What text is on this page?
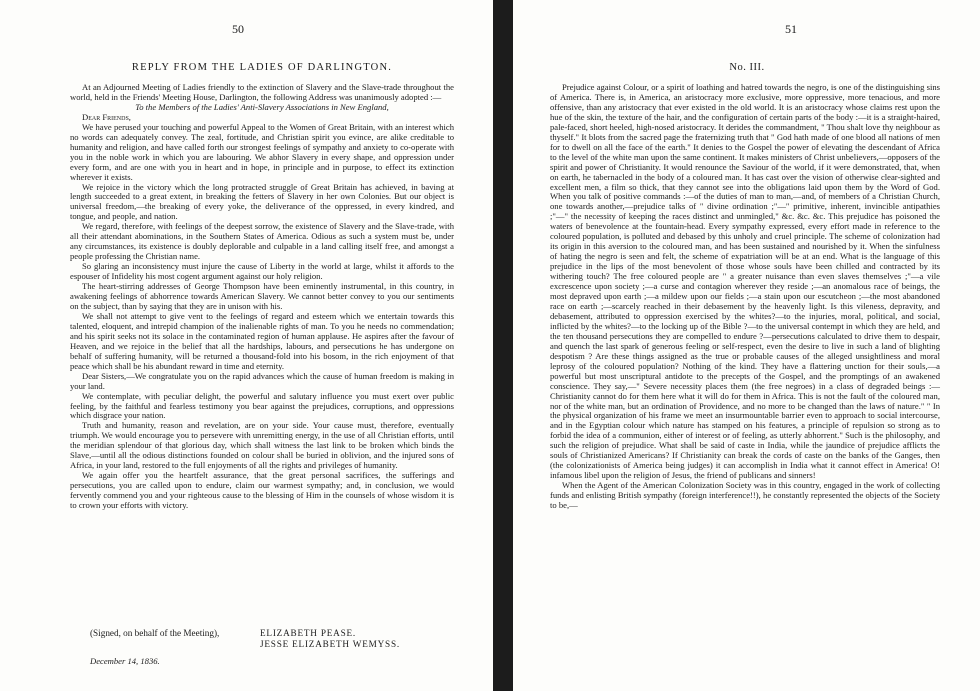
50
REPLY FROM THE LADIES OF DARLINGTON.

At an Adjourned Meeting of Ladies friendly to the extinction of Slavery and the Slave-trade throughout the world, held in the Friends' Meeting House, Darlington, the following Address was unanimously adopted :—

To the Members of the Ladies' Anti-Slavery Associations in New England,

Dear Friends,

We have perused your touching and powerful Appeal to the Women of Great Britain, with an interest which no words can adequately convey. The zeal, fortitude, and Christian spirit you evince, are alike creditable to humanity and religion, and have called forth our strongest feelings of sympathy and anxiety to co-operate with you in the noble work in which you are labouring. We abhor Slavery in every shape, and oppression under every form, and are one with you in heart and in hope, in principle and in purpose, to effect its extinction wherever it exists.

We rejoice in the victory which the long protracted struggle of Great Britain has achieved, in baving at length succeeded to a great extent, in breaking the fetters of Slavery in her own Colonies. But our object is universal freedom,—the breaking of every yoke, the deliverance of the oppressed, in every kindred, and tongue, and people, and nation.

We regard, therefore, with feelings of the deepest sorrow, the existence of Slavery and the Slave-trade, with all their attendant abominations, in the Southern States of America. Odious as such a system must be, under any circumstances, its existence is doubly deplorable and culpable in a land calling itself free, and amongst a people professing the Christian name.

So glaring an inconsistency must injure the cause of Liberty in the world at large, whilst it affords to the espouser of Infidelity his most cogent argument against our holy religion.

The heart-stirring addresses of George Thompson have been eminently instrumental, in this country, in awakening feelings of abhorrence towards American Slavery. We cannot better convey to you our sentiments on the subject, than by saying that they are in unison with his.

We shall not attempt to give vent to the feelings of regard and esteem which we entertain towards this talented, eloquent, and intrepid champion of the inalienable rights of man. To you he needs no commendation; and his spirit seeks not its solace in the contaminated region of human applause. He aspires after the favour of Heaven, and we rejoice in the belief that all the hardships, labours, and persecutions he has undergone on behalf of suffering humanity, will be returned a thousand-fold into his bosom, in the rich enjoyment of that peace which shall be his abundant reward in time and eternity.

Dear Sisters,—We congratulate you on the rapid advances which the cause of human freedom is making in your land.

We contemplate, with peculiar delight, the powerful and salutary influence you must exert over public feeling, by the faithful and fearless testimony you bear against the prejudices, corruptions, and oppressions which disgrace your nation.

Truth and humanity, reason and revelation, are on your side. Your cause must, therefore, eventually triumph. We would encourage you to persevere with unremitting energy, in the use of all Christian efforts, until the meridian splendour of that glorious day, which shall witness the last link to be broken which binds the Slave,—until all the odious distinctions founded on colour shall be buried in oblivion, and the injured sons of Africa, in your land, restored to the full enjoyments of all the rights and privileges of humanity.

We again offer you the heartfelt assurance, that the great personal sacrifices, the sufferings and persecutions, you are called upon to endure, claim our warmest sympathy; and, in conclusion, we would fervently commend you and your righteous cause to the blessing of Him in the counsels of whose wisdom it is to crown your efforts with victory.

(Signed, on behalf of the Meeting),	ELIZABETH PEASE.
JESSE ELIZABETH WEMYSS.
December 14, 1836.
51
No. III.

Prejudice against Colour, or a spirit of loathing and hatred towards the negro, is one of the distinguishing sins of America. There is, in America, an aristocracy more exclusive, more oppressive, more tenacious, and more offensive, than any aristocracy that ever existed in the old world. It is an aristocracy whose claims rest upon the hue of the skin, the texture of the hair, and the configuration of certain parts of the body :—it is a straight-haired, pale-faced, short heeled, high-nosed aristocracy. It derides the commandment, " Thou shalt love thy neighbour as thyself." It blots from the sacred page the fraternizing truth that " God hath made of one blood all nations of men for to dwell on all the face of the earth." It denies to the Gospel the power of elevating the descendant of Africa to the level of the white man upon the same continent. It makes ministers of Christ unbelievers,—opposers of the spirit and power of Christianity. It would renounce the Saviour of the world, if it were demonstrated, that, when on earth, he tabernacled in the body of a coloured man. It has cast over the vision of otherwise clear-sighted and excellent men, a film so thick, that they cannot see into the obligations laid upon them by the Word of God. When you talk of positive commands :—of the duties of man to man,—and, of members of a Christian Church, one towards another,—prejudice talks of " divine ordination ;"—" primitive, inherent, invincible antipathies ;"—" the necessity of keeping the races distinct and unmingled," &c. &c. &c. This prejudice has poisoned the waters of benevolence at the fountain-head. Every sympathy expressed, every effort made in reference to the coloured population, is polluted and debased by this unholy and cruel principle. The scheme of colonization had its origin in this aversion to the coloured man, and has been sustained and nourished by it. When the sinfulness of hating the negro is seen and felt, the scheme of expatriation will be at an end. What is the language of this prejudice in the lips of the most benevolent of those whose souls have been chilled and contracted by its withering touch? The free coloured people are " a greater nuisance than even slaves themselves ;"—a vile excrescence upon society ;—a curse and contagion wherever they reside ;—an anomalous race of beings, the most depraved upon earth ;—a mildew upon our fields ;—a stain upon our escutcheon ;—the most abandoned race on earth ;—scarcely reached in their debasement by the heavenly light. Is this vileness, depravity, and debasement, attributed to oppression exercised by the whites?—to the injuries, moral, political, and social, inflicted by the whites?—to the locking up of the Bible ?—to the universal contempt in which they are held, and the ten thousand persecutions they are compelled to endure ?—persecutions calculated to drive them to despair, and quench the last spark of generous feeling or self-respect, even the desire to live in such a land of blighting despotism ? Are these things assigned as the true or probable causes of the alleged unsightliness and moral leprosy of the coloured population? Nothing of the kind. They have a flattering unction for their souls,—a powerful but most unscriptural antidote to the precepts of the Gospel, and the promptings of an awakened conscience. They say,—" Severe necessity places them (the free negroes) in a class of degraded beings :—Christianity cannot do for them here what it will do for them in Africa. This is not the fault of the coloured man, nor of the white man, but an ordination of Providence, and no more to be changed than the laws of nature." " In the physical organization of his frame we meet an insurmountable barrier even to approach to social intercourse, and in the Egyptian colour which nature has stamped on his features, a principle of repulsion so strong as to forbid the idea of a communion, either of interest or of feeling, as utterly abhorrent." Such is the philosophy, and such the religion of prejudice. What shall be said of caste in India, while the jaundice of prejudice afflicts the souls of Christianized Americans? If Christianity can break the cords of caste on the banks of the Ganges, then (the colonizationists of America being judges) it can accomplish in India what it cannot effect in America! O! infamous libel upon the religion of Jesus, the friend of publicans and sinners!

When the Agent of the American Colonization Society was in this country, engaged in the work of collecting funds and enlisting British sympathy (foreign interference!!), he constantly represented the objects of the Society to be,—
